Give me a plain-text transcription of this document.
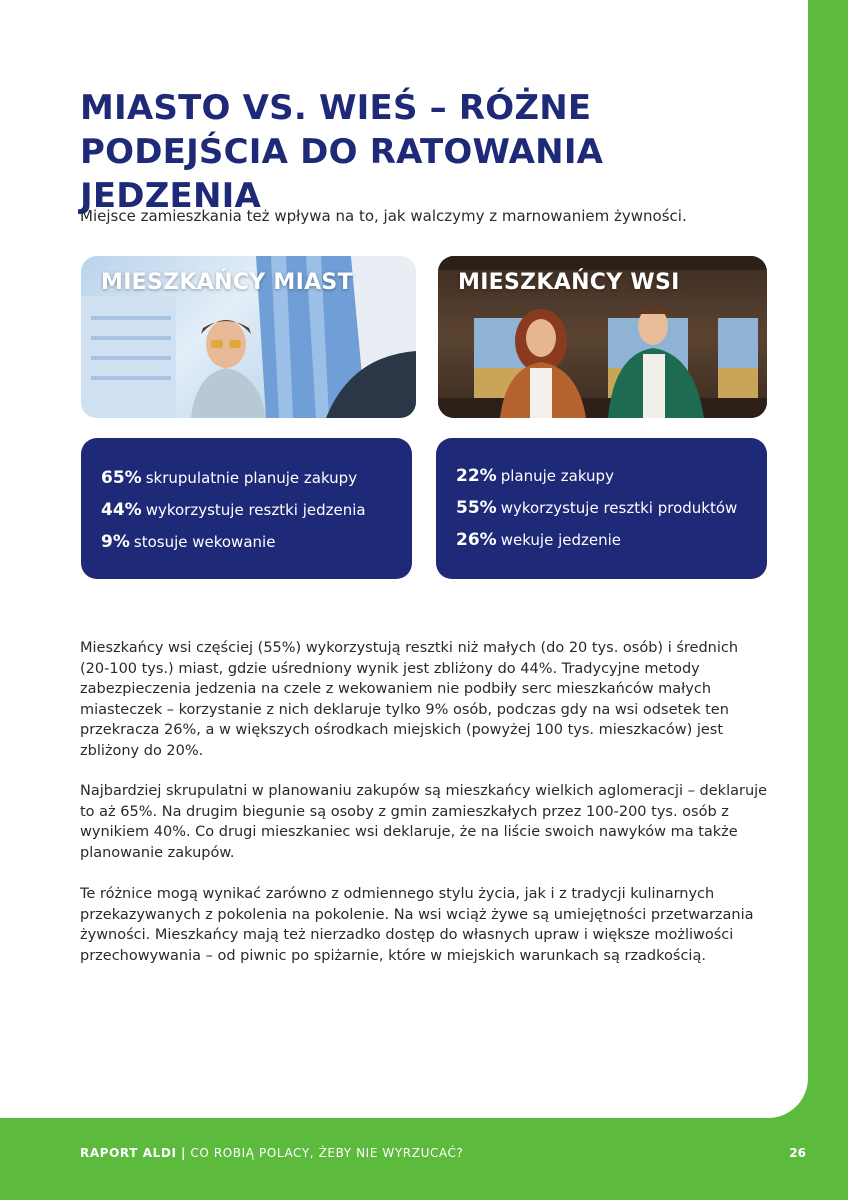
MIASTO VS. WIEŚ – RÓŻNE PODEJŚCIA DO RATOWANIA JEDZENIA

Miejsce zamieszkania też wpływa na to, jak walczymy z marnowaniem żywności.

MIESZKAŃCY MIAST	MIESZKAŃCY WSI
65% skrupulatnie planuje zakupy
44% wykorzystuje resztki jedzenia
9% stosuje wekowanie
22% planuje zakupy
55% wykorzystuje resztki produktów
26% wekuje jedzenie

Mieszkańcy wsi częściej (55%) wykorzystują resztki niż małych (do 20 tys. osób) i średnich (20-100 tys.) miast, gdzie uśredniony wynik jest zbliżony do 44%. Tradycyjne metody zabezpieczenia jedzenia na czele z wekowaniem nie podbiły serc mieszkańców małych miasteczek – korzystanie z nich deklaruje tylko 9% osób, podczas gdy na wsi odsetek ten przekracza 26%, a w większych ośrodkach miejskich (powyżej 100 tys. mieszkaców) jest zbliżony do 20%.

Najbardziej skrupulatni w planowaniu zakupów są mieszkańcy wielkich aglomeracji – deklaruje to aż 65%. Na drugim biegunie są osoby z gmin zamieszkałych przez 100-200 tys. osób z wynikiem 40%. Co drugi mieszkaniec wsi deklaruje, że na liście swoich nawyków ma także planowanie zakupów.

Te różnice mogą wynikać zarówno z odmiennego stylu życia, jak i z tradycji kulinarnych przekazywanych z pokolenia na pokolenie. Na wsi wciąż żywe są umiejętności przetwarzania żywności. Mieszkańcy mają też nierzadko dostęp do własnych upraw i większe możliwości przechowywania – od piwnic po spiżarnie, które w miejskich warunkach są rzadkością.

RAPORT ALDI | CO ROBIĄ POLACY, ŻEBY NIE WYRZUCAĆ?	26
